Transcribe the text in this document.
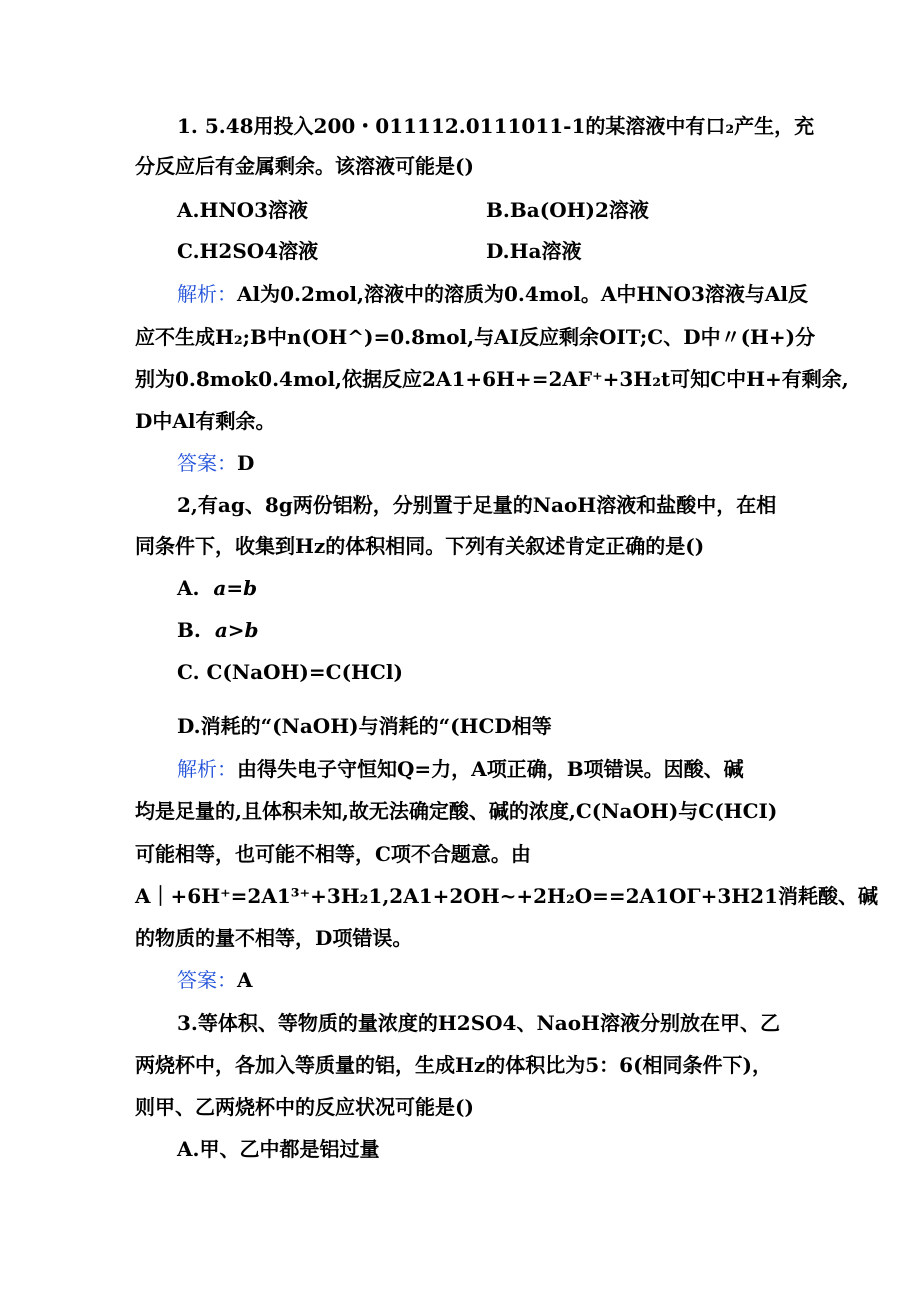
1. 5.48用投入200・011112.0111011-1的某溶液中有口₂产生，充
分反应后有金属剩余。该溶液可能是()
A.HNO3溶液	B.Ba(OH)2溶液
C.H2SO4溶液	D.Ha溶液
解析：Al为0.2mol,溶液中的溶质为0.4mol。A中HNO3溶液与Al反
应不生成H₂;B中n(OH^)=0.8mol,与AI反应剩余OIT;C、D中〃(H+)分
别为0.8mok0.4mol,依据反应2A1+6H+=2AF⁺+3H₂t可知C中H+有剩余,
D中Al有剩余。
答案：D
2,有ag、8g两份铝粉，分别置于足量的NaoH溶液和盐酸中，在相
同条件下，收集到Hz的体积相同。下列有关叙述肯定正确的是()
A. a=b
B. a>b
C. C(NaOH)=C(HCl)
D.消耗的“(NaOH)与消耗的“(HCD相等
解析：由得失电子守恒知Q=力，A项正确，B项错误。因酸、碱
均是足量的,且体积未知,故无法确定酸、碱的浓度,C(NaOH)与C(HCI)
可能相等，也可能不相等，C项不合题意。由
A｜+6H⁺=2A1³⁺+3H₂1,2A1+2OH~+2H₂O==2A1OΓ+3H21消耗酸、碱
的物质的量不相等，D项错误。
答案：A
3.等体积、等物质的量浓度的H2SO4、NaoH溶液分别放在甲、乙
两烧杯中，各加入等质量的铝，生成Hz的体积比为5：6(相同条件下)，
则甲、乙两烧杯中的反应状况可能是()
A.甲、乙中都是铝过量
